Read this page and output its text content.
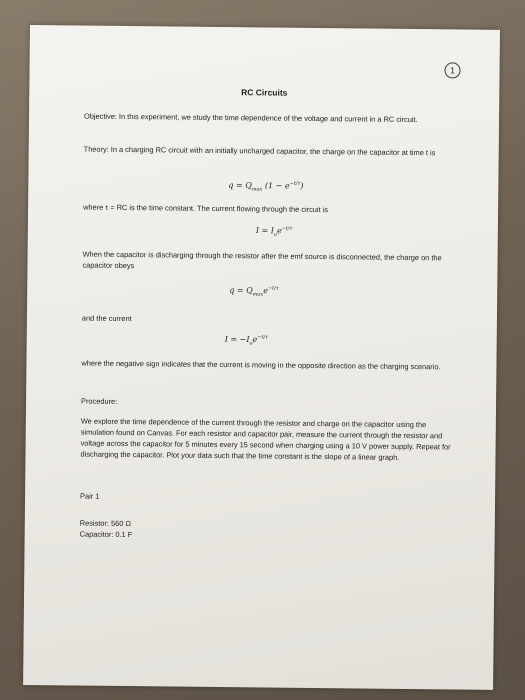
1
RC Circuits
Objective: In this experiment, we study the time dependence of the voltage and current in a RC circuit.
Theory: In a charging RC circuit with an initially uncharged capacitor, the charge on the capacitor at time t is
$q = Q_{max}$ $(1 - e^{-t/\tau})$
where τ = RC is the time constant. The current flowing through the circuit is
$I = I_oe^{-t/\tau}$
When the capacitor is discharging through the resistor after the emf source is disconnected, the charge on the capacitor obeys
$q = Q_{max}e^{-t/\tau}$
and the current
$I = -I_oe^{-t/\tau}$
where the negative sign indicates that the current is moving in the opposite direction as the charging scenario.
Procedure:
We explore the time dependence of the current through the resistor and charge on the capacitor using the simulation found on Canvas. For each resistor and capacitor pair, measure the current through the resistor and voltage across the capacitor for 5 minutes every 15 second when charging using a 10 V power supply. Repeat for discharging the capacitor. Plot your data such that the time constant is the slope of a linear graph.
Pair 1
Resistor: 560 Ω
Capacitor: 0.1 F
